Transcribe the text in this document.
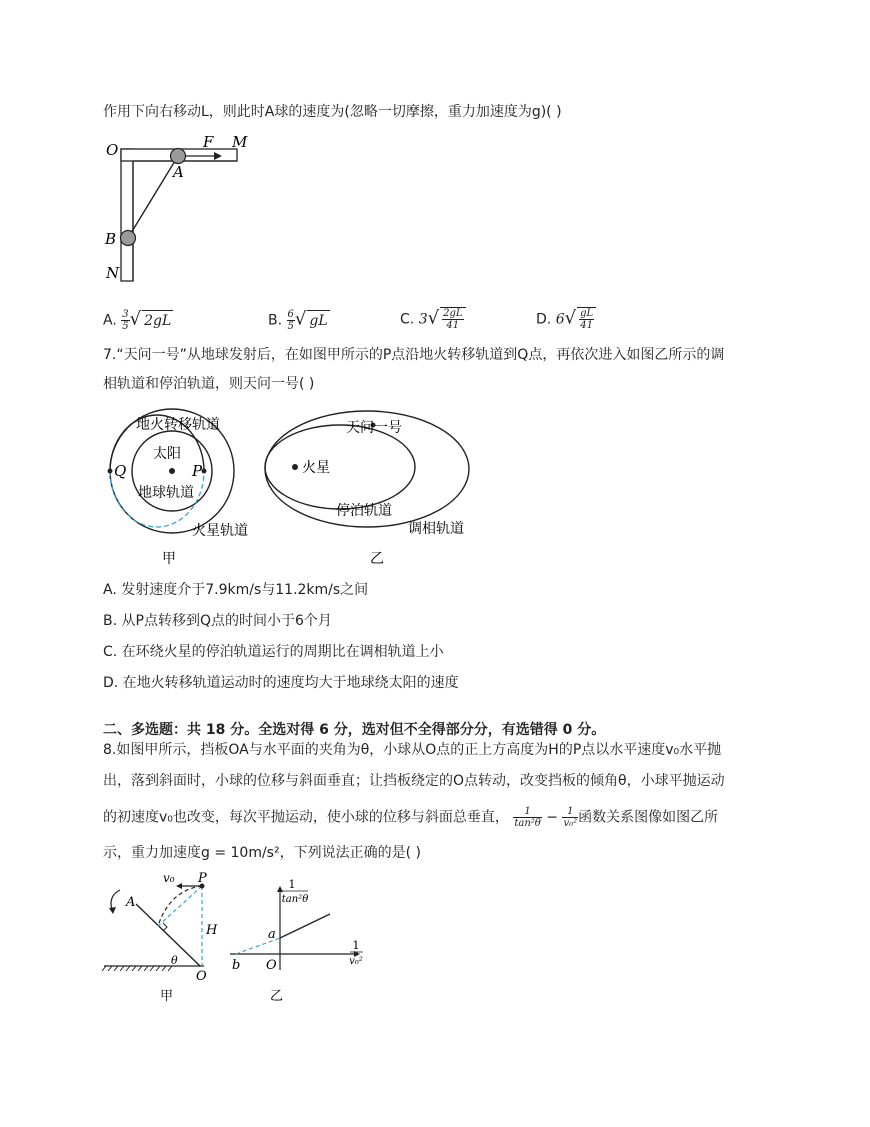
作用下向右移动L，则此时A球的速度为(忽略一切摩擦，重力加速度为g)( )
O	F M
A
B
N
A. $\frac{3}{5}$ √ 2gL	B. $\frac{6}{5}$ √ gL	C. $3√ \frac{2gL}{41}$	D. $6√ \frac{gL}{41}$
7.“天问一号”从地球发射后，在如图甲所示的P点沿地火转移轨道到Q点，再依次进入如图乙所示的调
相轨道和停泊轨道，则天问一号( )
地火转移轨道
太阳
Q	P
地球轨道
火星轨道
甲
天问一号
火星
停泊轨道
调相轨道
乙
A. 发射速度介于7.9km/s与11.2km/s之间
B. 从P点转移到Q点的时间小于6个月
C. 在环绕火星的停泊轨道运行的周期比在调相轨道上小
D. 在地火转移轨道运动时的速度均大于地球绕太阳的速度
二、多选题：共 18 分。全选对得 6 分，选对但不全得部分分，有选错得 0 分。
8.如图甲所示，挡板OA与水平面的夹角为θ，小球从O点的正上方高度为H的P点以水平速度v₀水平抛
出，落到斜面时，小球的位移与斜面垂直；让挡板绕定的O点转动，改变挡板的倾角θ，小球平抛运动
的初速度v₀也改变，每次平抛运动，使小球的位移与斜面总垂直， $\frac{1}{\text{tan²θ}} - \frac{1}{\text{v₀²}}$ 函数关系图像如图乙所
示，重力加速度g = 10m/s²，下列说法正确的是( )
v₀ P
A
H
θ
O
甲
1
tan²θ
1
v₀²
a
b O
乙
